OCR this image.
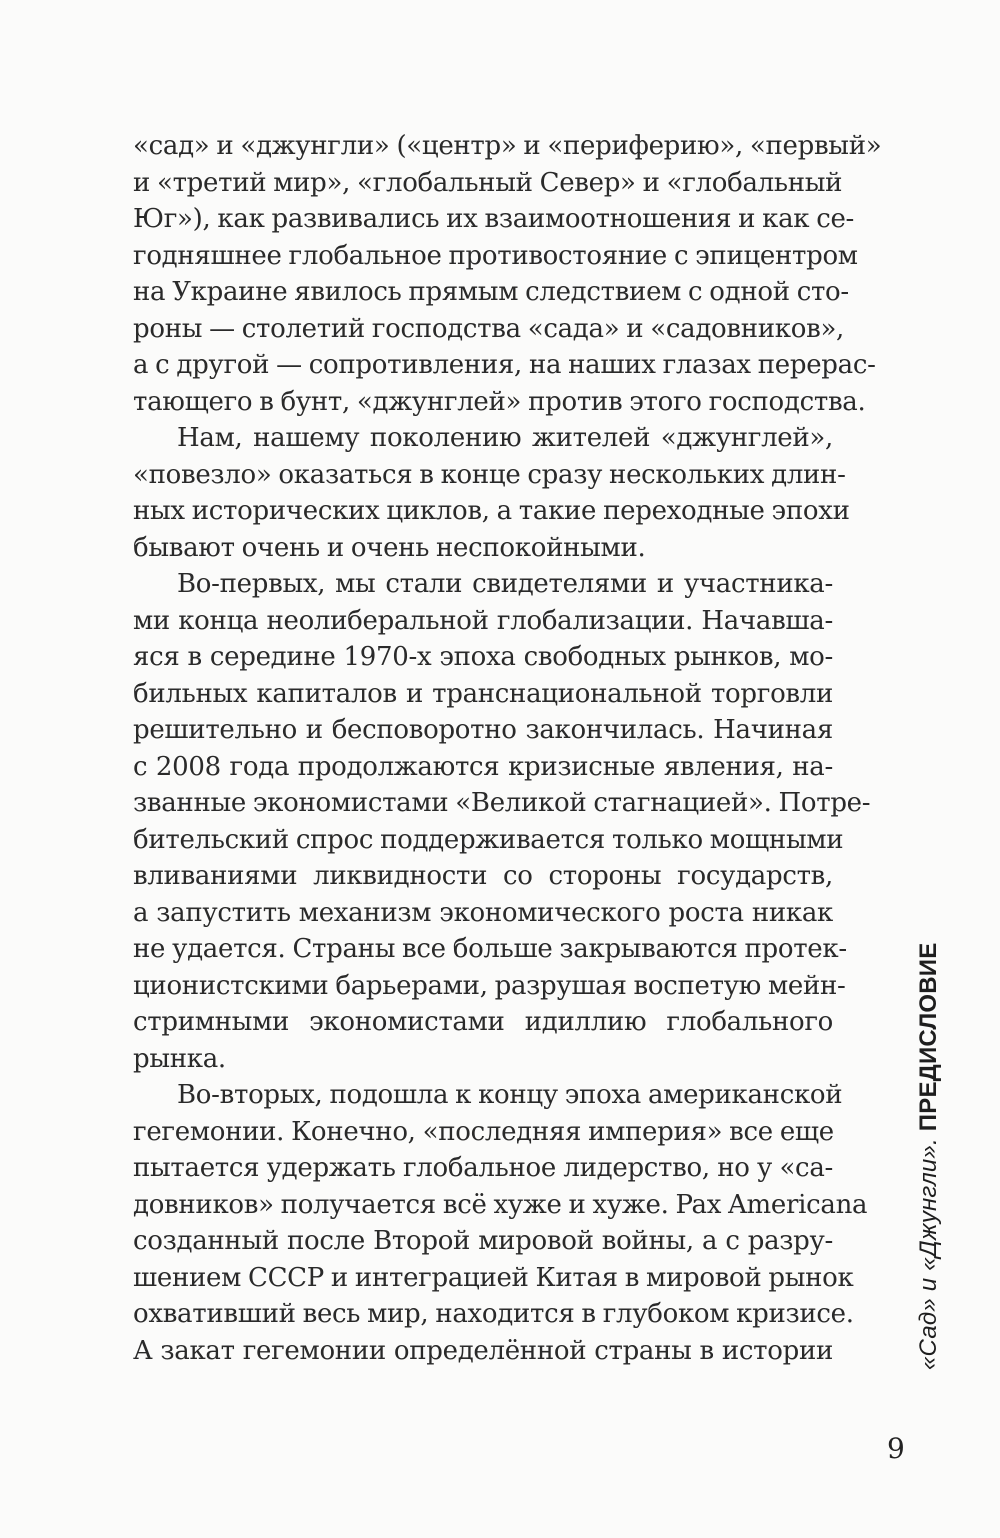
«сад» и «джунгли» («центр» и «периферию», «первый»
и «третий мир», «глобальный Север» и «глобальный
Юг»), как развивались их взаимоотношения и как се-
годняшнее глобальное противостояние с эпицентром
на Украине явилось прямым следствием с одной сто-
роны — столетий господства «сада» и «садовников»,
а с другой — сопротивления, на наших глазах перерас-
тающего в бунт, «джунглей» против этого господства.
Нам, нашему поколению жителей «джунглей»,
«повезло» оказаться в конце сразу нескольких длин-
ных исторических циклов, а такие переходные эпохи
бывают очень и очень неспокойными.
Во-первых, мы стали свидетелями и участника-
ми конца неолиберальной глобализации. Начавша-
яся в середине 1970-х эпоха свободных рынков, мо-
бильных капиталов и транснациональной торговли
решительно и бесповоротно закончилась. Начиная
с 2008 года продолжаются кризисные явления, на-
званные экономистами «Великой стагнацией». Потре-
бительский спрос поддерживается только мощными
вливаниями ликвидности со стороны государств,
а запустить механизм экономического роста никак
не удается. Страны все больше закрываются протек-
ционистскими барьерами, разрушая воспетую мейн-
стримными экономистами идиллию глобального
рынка.
Во-вторых, подошла к концу эпоха американской
гегемонии. Конечно, «последняя империя» все еще
пытается удержать глобальное лидерство, но у «са-
довников» получается всё хуже и хуже. Pax Americana
созданный после Второй мировой войны, а с разру-
шением СССР и интеграцией Китая в мировой рынок
охвативший весь мир, находится в глубоком кризисе.
А закат гегемонии определённой страны в истории	«Сад» и «Джунгли». ПРЕДИСЛОВИЕ
9
